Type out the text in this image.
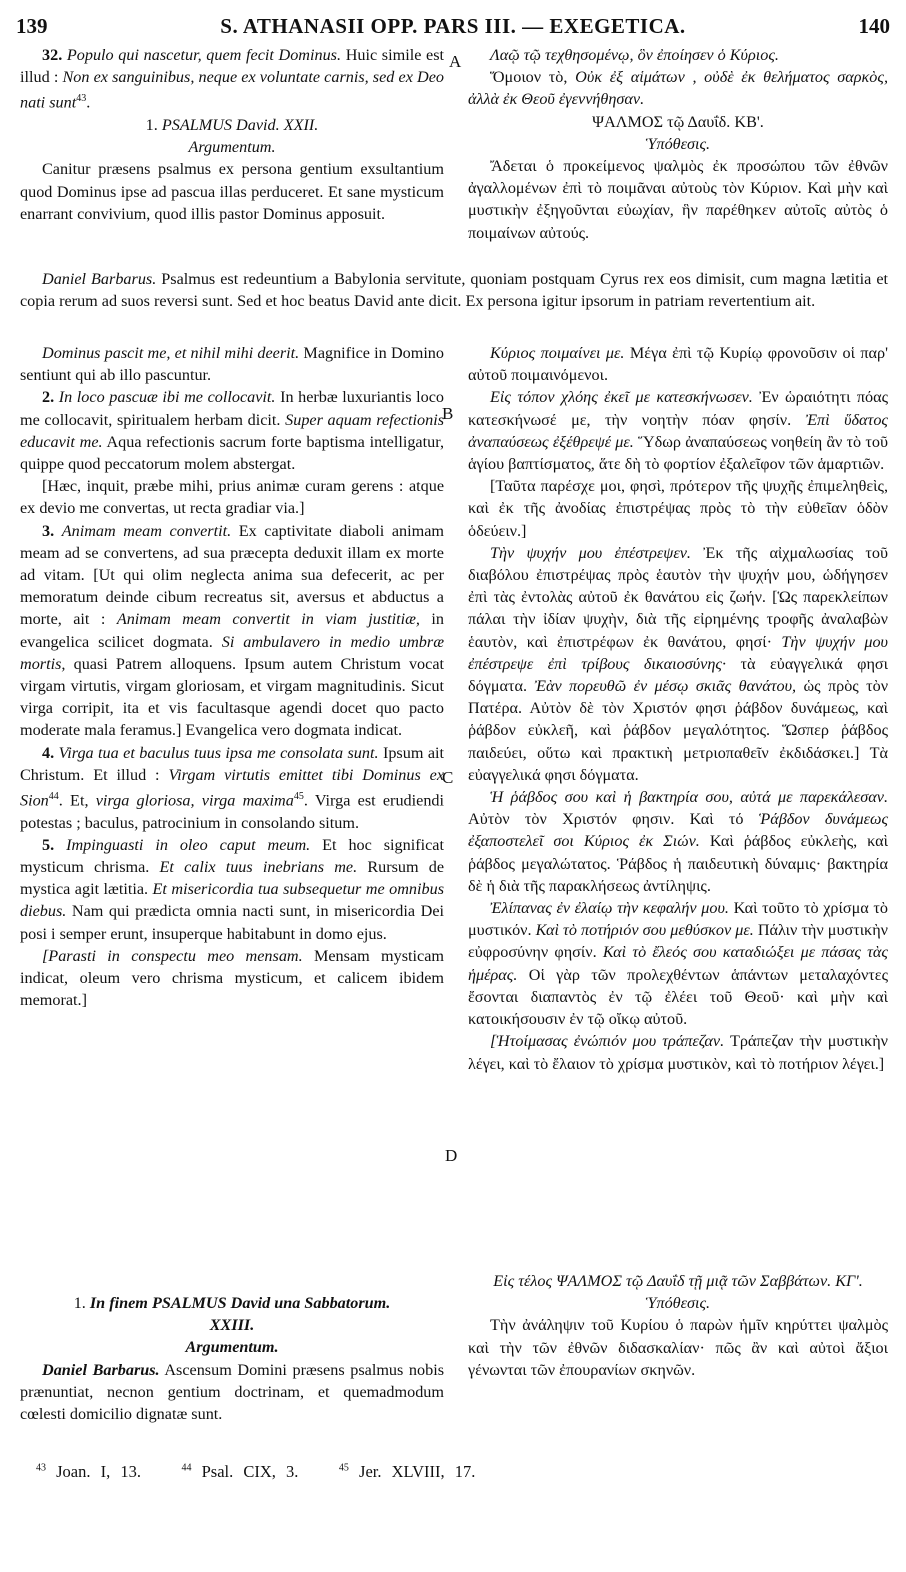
139	S. ATHANASII OPP. PARS III. — EXEGETICA.	140
A
B
C
D

32. Populo qui nascetur, quem fecit Dominus. Huic simile est illud : Non ex sanguinibus, neque ex voluntate carnis, sed ex Deo nati sunt$^{43}$.

1. PSALMUS David. XXII.

Argumentum.

Canitur præsens psalmus ex persona gentium exsultantium quod Dominus ipse ad pascua illas perduceret. Et sane mysticum enarrant convivium, quod illis pastor Dominus apposuit.

Λαῷ τῷ τεχθησομένῳ, ὃν ἐποίησεν ὁ Κύριος.

Ὅμοιον τὸ, Οὐκ ἐξ αἱμάτων , οὐδὲ ἐκ θελήματος σαρκὸς, ἀλλὰ ἐκ Θεοῦ ἐγεννήθησαν.

ΨΑΛΜΟΣ τῷ Δαυΐδ. ΚΒ'.

Ὑπόθεσις.

Ἄδεται ὁ προκείμενος ψαλμὸς ἐκ προσώπου τῶν ἐθνῶν ἀγαλλομένων ἐπὶ τὸ ποιμᾶναι αὐτοὺς τὸν Κύριον. Καὶ μὴν καὶ μυστικὴν ἐξηγοῦνται εὐωχίαν, ἣν παρέθηκεν αὐτοῖς αὐτὸς ὁ ποιμαίνων αὐτούς.

Daniel Barbarus. Psalmus est redeuntium a Babylonia servitute, quoniam postquam Cyrus rex eos dimisit, cum magna lætitia et copia rerum ad suos reversi sunt. Sed et hoc beatus David ante dicit. Ex persona igitur ipsorum in patriam revertentium ait.

Dominus pascit me, et nihil mihi deerit. Magnifice in Domino sentiunt qui ab illo pascuntur.

2. In loco pascuæ ibi me collocavit. In herbæ luxuriantis loco me collocavit, spiritualem herbam dicit. Super aquam refectionis educavit me. Aqua refectionis sacrum forte baptisma intelligatur, quippe quod peccatorum molem abstergat.

[Hæc, inquit, præbe mihi, prius animæ curam gerens : atque ex devio me convertas, ut recta gradiar via.]

3. Animam meam convertit. Ex captivitate diaboli animam meam ad se convertens, ad sua præcepta deduxit illam ex morte ad vitam. [Ut qui olim neglecta anima sua defecerit, ac per memoratum deinde cibum recreatus sit, aversus et abductus a morte, ait : Animam meam convertit in viam justitiæ, in evangelica scilicet dogmata. Si ambulavero in medio umbræ mortis, quasi Patrem alloquens. Ipsum autem Christum vocat virgam virtutis, virgam gloriosam, et virgam magnitudinis. Sicut virga corripit, ita et vis facultasque agendi docet quo pacto moderate mala feramus.] Evangelica vero dogmata indicat.

4. Virga tua et baculus tuus ipsa me consolata sunt. Ipsum ait Christum. Et illud : Virgam virtutis emittet tibi Dominus ex Sion$^{44}$. Et, virga gloriosa, virga maxima$^{45}$. Virga est erudiendi potestas ; baculus, patrocinium in consolando situm.

5. Impinguasti in oleo caput meum. Et hoc significat mysticum chrisma. Et calix tuus inebrians me. Rursum de mystica agit lætitia. Et misericordia tua subsequetur me omnibus diebus. Nam qui prædicta omnia nacti sunt, in misericordia Dei posi i semper erunt, insuperque habitabunt in domo ejus.

[Parasti in conspectu meo mensam. Mensam mysticam indicat, oleum vero chrisma mysticum, et calicem ibidem memorat.]

Κύριος ποιμαίνει με. Μέγα ἐπὶ τῷ Κυρίῳ φρονοῦσιν οἱ παρ' αὐτοῦ ποιμαινόμενοι.

Εἰς τόπον χλόης ἐκεῖ με κατεσκήνωσεν. Ἐν ὡραιότητι πόας κατεσκήνωσέ με, τὴν νοητὴν πόαν φησίν. Ἐπὶ ὕδατος ἀναπαύσεως ἐξέθρεψέ με. Ὕδωρ ἀναπαύσεως νοηθείη ἂν τὸ τοῦ ἁγίου βαπτίσματος, ἅτε δὴ τὸ φορτίον ἐξαλεῖφον τῶν ἁμαρτιῶν.

[Ταῦτα παρέσχε μοι, φησὶ, πρότερον τῆς ψυχῆς ἐπιμεληθεὶς, καὶ ἐκ τῆς ἀνοδίας ἐπιστρέψας πρὸς τὸ τὴν εὐθεῖαν ὁδὸν ὁδεύειν.]

Τὴν ψυχήν μου ἐπέστρεψεν. Ἐκ τῆς αἰχμαλωσίας τοῦ διαβόλου ἐπιστρέψας πρὸς ἑαυτὸν τὴν ψυχήν μου, ὡδήγησεν ἐπὶ τὰς ἐντολὰς αὐτοῦ ἐκ θανάτου εἰς ζωήν. [Ὡς παρεκλείπων πάλαι τὴν ἰδίαν ψυχὴν, διὰ τῆς εἰρημένης τροφῆς ἀναλαβὼν ἑαυτὸν, καὶ ἐπιστρέφων ἐκ θανάτου, φησί· Τὴν ψυχήν μου ἐπέστρεψε ἐπὶ τρίβους δικαιοσύνης· τὰ εὐαγγελικά φησι δόγματα. Ἐὰν πορευθῶ ἐν μέσῳ σκιᾶς θανάτου, ὡς πρὸς τὸν Πατέρα. Αὐτὸν δὲ τὸν Χριστόν φησι ῥάβδον δυνάμεως, καὶ ῥάβδον εὐκλεῆ, καὶ ῥάβδον μεγαλότητος. Ὥσπερ ῥάβδος παιδεύει, οὕτω καὶ πρακτικὴ μετριοπαθεῖν ἐκδιδάσκει.] Τὰ εὐαγγελικά φησι δόγματα.

Ἡ ῥάβδος σου καὶ ἡ βακτηρία σου, αὐτά με παρεκάλεσαν. Αὐτὸν τὸν Χριστόν φησιν. Καὶ τό Ῥάβδον δυνάμεως ἐξαποστελεῖ σοι Κύριος ἐκ Σιών. Καὶ ῥάβδος εὐκλεὴς, καὶ ῥάβδος μεγαλώτατος. Ῥάβδος ἡ παιδευτικὴ δύναμις· βακτηρία δὲ ἡ διὰ τῆς παρακλήσεως ἀντίληψις.

Ἐλίπανας ἐν ἐλαίῳ τὴν κεφαλήν μου. Καὶ τοῦτο τὸ χρίσμα τὸ μυστικόν. Καὶ τὸ ποτήριόν σου μεθύσκον με. Πάλιν τὴν μυστικὴν εὐφροσύνην φησίν. Καὶ τὸ ἔλεός σου καταδιώξει με πάσας τὰς ἡμέρας. Οἱ γὰρ τῶν προλεχθέντων ἁπάντων μεταλαχόντες ἔσονται διαπαντὸς ἐν τῷ ἐλέει τοῦ Θεοῦ· καὶ μὴν καὶ κατοικήσουσιν ἐν τῷ οἴκῳ αὐτοῦ.

[Ἡτοίμασας ἐνώπιόν μου τράπεζαν. Τράπεζαν τὴν μυστικὴν λέγει, καὶ τὸ ἔλαιον τὸ χρίσμα μυστικὸν, καὶ τὸ ποτήριον λέγει.]

1. In finem PSALMUS David una Sabbatorum.

XXIII.

Argumentum.

Daniel Barbarus. Ascensum Domini præsens psalmus nobis prænuntiat, necnon gentium doctrinam, et quemadmodum cœlesti domicilio dignatæ sunt.

Εἰς τέλος ΨΑΛΜΟΣ τῷ Δαυΐδ τῇ μιᾷ τῶν Σαββάτων. ΚΓ'.

Ὑπόθεσις.

Τὴν ἀνάληψιν τοῦ Κυρίου ὁ παρὼν ἡμῖν κηρύττει ψαλμὸς καὶ τὴν τῶν ἐθνῶν διδασκαλίαν· πῶς ἂν καὶ αὐτοὶ ἄξιοι γένωνται τῶν ἐπουρανίων σκηνῶν.

$^{43}$ Joan. I, 13.	$^{44}$ Psal. CIX, 3.	$^{45}$ Jer. XLVIII, 17.
